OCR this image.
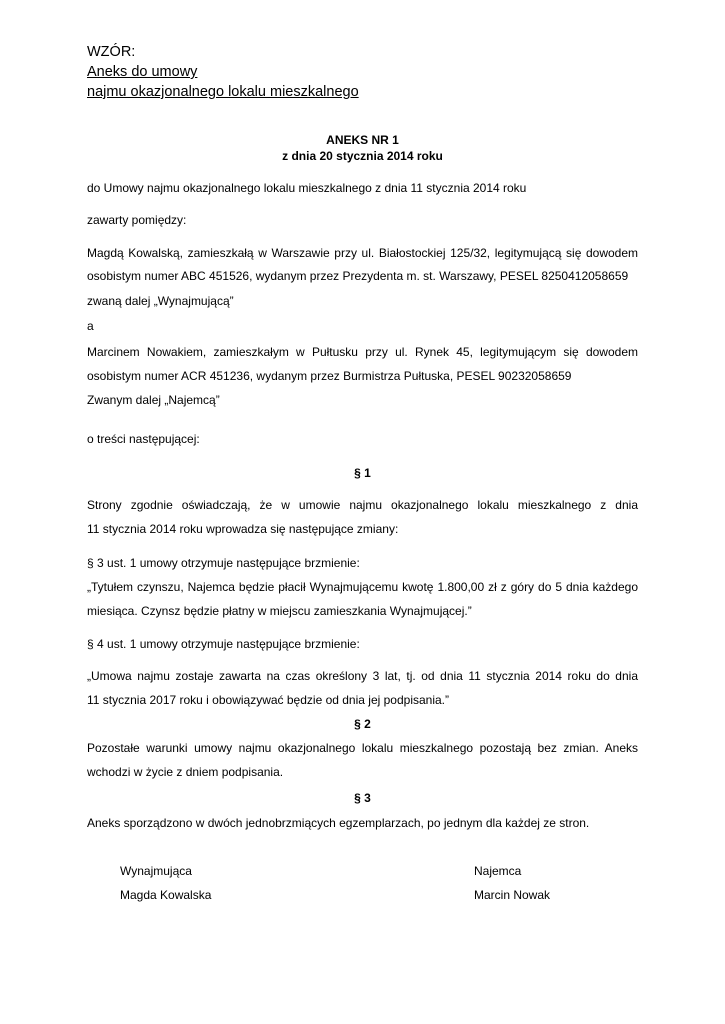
WZÓR:
Aneks do umowy
najmu okazjonalnego lokalu mieszkalnego
ANEKS NR 1
z dnia 20 stycznia 2014 roku
do Umowy najmu okazjonalnego lokalu mieszkalnego z dnia 11 stycznia 2014 roku
zawarty pomiędzy:
Magdą Kowalską, zamieszkałą w Warszawie przy ul. Białostockiej 125/32, legitymującą się dowodem
osobistym numer ABC 451526, wydanym przez Prezydenta m. st. Warszawy, PESEL 8250412058659
zwaną dalej „Wynajmującą”
a
Marcinem Nowakiem, zamieszkałym w Pułtusku przy ul. Rynek 45, legitymującym się dowodem
osobistym numer ACR 451236, wydanym przez Burmistrza Pułtuska, PESEL 90232058659
Zwanym dalej „Najemcą”
o treści następującej:
§ 1
Strony zgodnie oświadczają, że w umowie najmu okazjonalnego lokalu mieszkalnego z dnia
11 stycznia 2014 roku wprowadza się następujące zmiany:
§ 3 ust. 1 umowy otrzymuje następujące brzmienie:
„Tytułem czynszu, Najemca będzie płacił Wynajmującemu kwotę 1.800,00 zł z góry do 5 dnia każdego
miesiąca. Czynsz będzie płatny w miejscu zamieszkania Wynajmującej.”
§ 4 ust. 1 umowy otrzymuje następujące brzmienie:
„Umowa najmu zostaje zawarta na czas określony 3 lat, tj. od dnia 11 stycznia 2014 roku do dnia
11 stycznia 2017 roku i obowiązywać będzie od dnia jej podpisania.”
§ 2
Pozostałe warunki umowy najmu okazjonalnego lokalu mieszkalnego pozostają bez zmian. Aneks
wchodzi w życie z dniem podpisania.
§ 3
Aneks sporządzono w dwóch jednobrzmiących egzemplarzach, po jednym dla każdej ze stron.
Wynajmująca
Magda Kowalska
Najemca
Marcin Nowak
